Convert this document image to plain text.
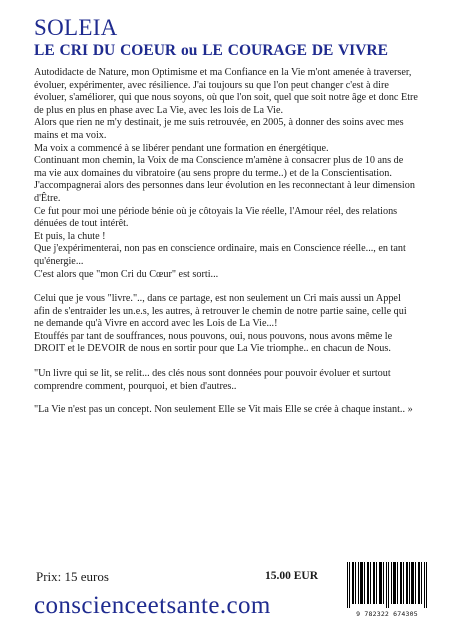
SOLEIA
LE CRI DU COEUR ou LE COURAGE DE VIVRE

Autodidacte de Nature, mon Optimisme et ma Confiance en la Vie m'ont amenée à traverser, évoluer, expérimenter, avec résilience. J'ai toujours su que l'on peut changer c'est à dire évoluer, s'améliorer, qui que nous soyons, où que l'on soit, quel que soit notre âge et donc Etre de plus en plus en phase avec La Vie, avec les lois de La Vie.

Alors que rien ne m'y destinait, je me suis retrouvée, en 2005, à donner des soins avec mes mains et ma voix.

Ma voix a commencé à se libérer pendant une formation en énergétique.

Continuant mon chemin, la Voix de ma Conscience m'amène à consacrer plus de 10 ans de ma vie aux domaines du vibratoire (au sens propre du terme..) et de la Conscientisation.

J'accompagnerai alors des personnes dans leur évolution en les reconnectant à leur dimension d'Être.

Ce fut pour moi une période bénie où je côtoyais la Vie réelle, l'Amour réel, des relations dénuées de tout intérêt.

Et puis, la chute !

Que j'expérimenterai, non pas en conscience ordinaire, mais en Conscience réelle..., en tant qu'énergie...

C'est alors que "mon Cri du Cœur" est sorti...

Celui que je vous "livre.".., dans ce partage, est non seulement un Cri mais aussi un Appel afin de s'entraider les un.e.s, les autres, à retrouver le chemin de notre partie saine, celle qui ne demande qu'à Vivre en accord avec les Lois de La Vie...!

Etouffés par tant de souffrances, nous pouvons, oui, nous pouvons, nous avons même le DROIT et le DEVOIR de nous en sortir pour que La Vie triomphe.. en chacun de Nous.

"Un livre qui se lit, se relit... des clés nous sont données pour pouvoir évoluer et surtout comprendre comment, pourquoi, et bien d'autres..

"La Vie n'est pas un concept. Non seulement Elle se Vit mais Elle se crée à chaque instant.. »

Prix: 15 euros	15.00 EUR
9 782322 674305
conscienceetsante.com
